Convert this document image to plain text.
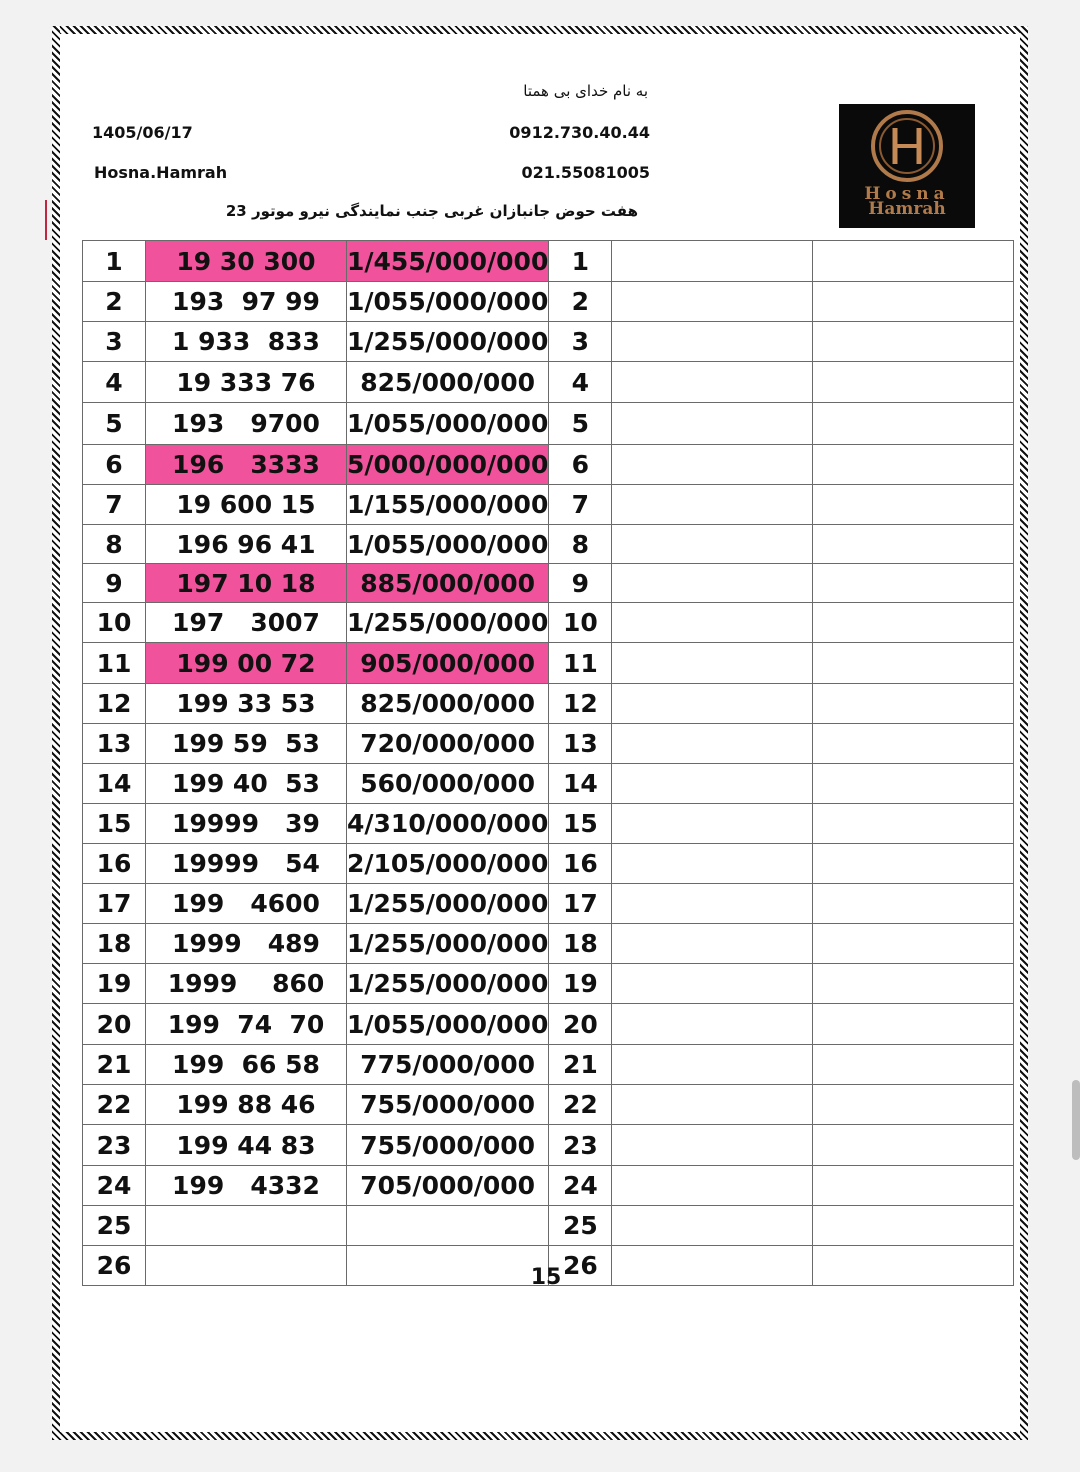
به نام خدای بی همتا
1405/06/17	0912.730.40.44
Hosna.Hamrah	021.55081005
هفت حوض جانبازان غربی جنب نمایندگی نیرو موتور 23
Hosna
Hamrah
1	19 30 300	1/455/000/000	1		
2	193  97 99	1/055/000/000	2		
3	1 933  833	1/255/000/000	3		
4	19 333 76	825/000/000	4		
5	193   9700	1/055/000/000	5		
6	196   3333	5/000/000/000	6		
7	19 600 15	1/155/000/000	7		
8	196 96 41	1/055/000/000	8		
9	197 10 18	885/000/000	9		
10	197   3007	1/255/000/000	10		
11	199 00 72	905/000/000	11		
12	199 33 53	825/000/000	12		
13	199 59  53	720/000/000	13		
14	199 40  53	560/000/000	14		
15	19999   39	4/310/000/000	15		
16	19999   54	2/105/000/000	16		
17	199   4600	1/255/000/000	17		
18	1999   489	1/255/000/000	18		
19	1999    860	1/255/000/000	19		
20	199  74  70	1/055/000/000	20		
21	199  66 58	775/000/000	21		
22	199 88 46	755/000/000	22		
23	199 44 83	755/000/000	23		
24	199   4332	705/000/000	24		
25			25		
26			26		
15
